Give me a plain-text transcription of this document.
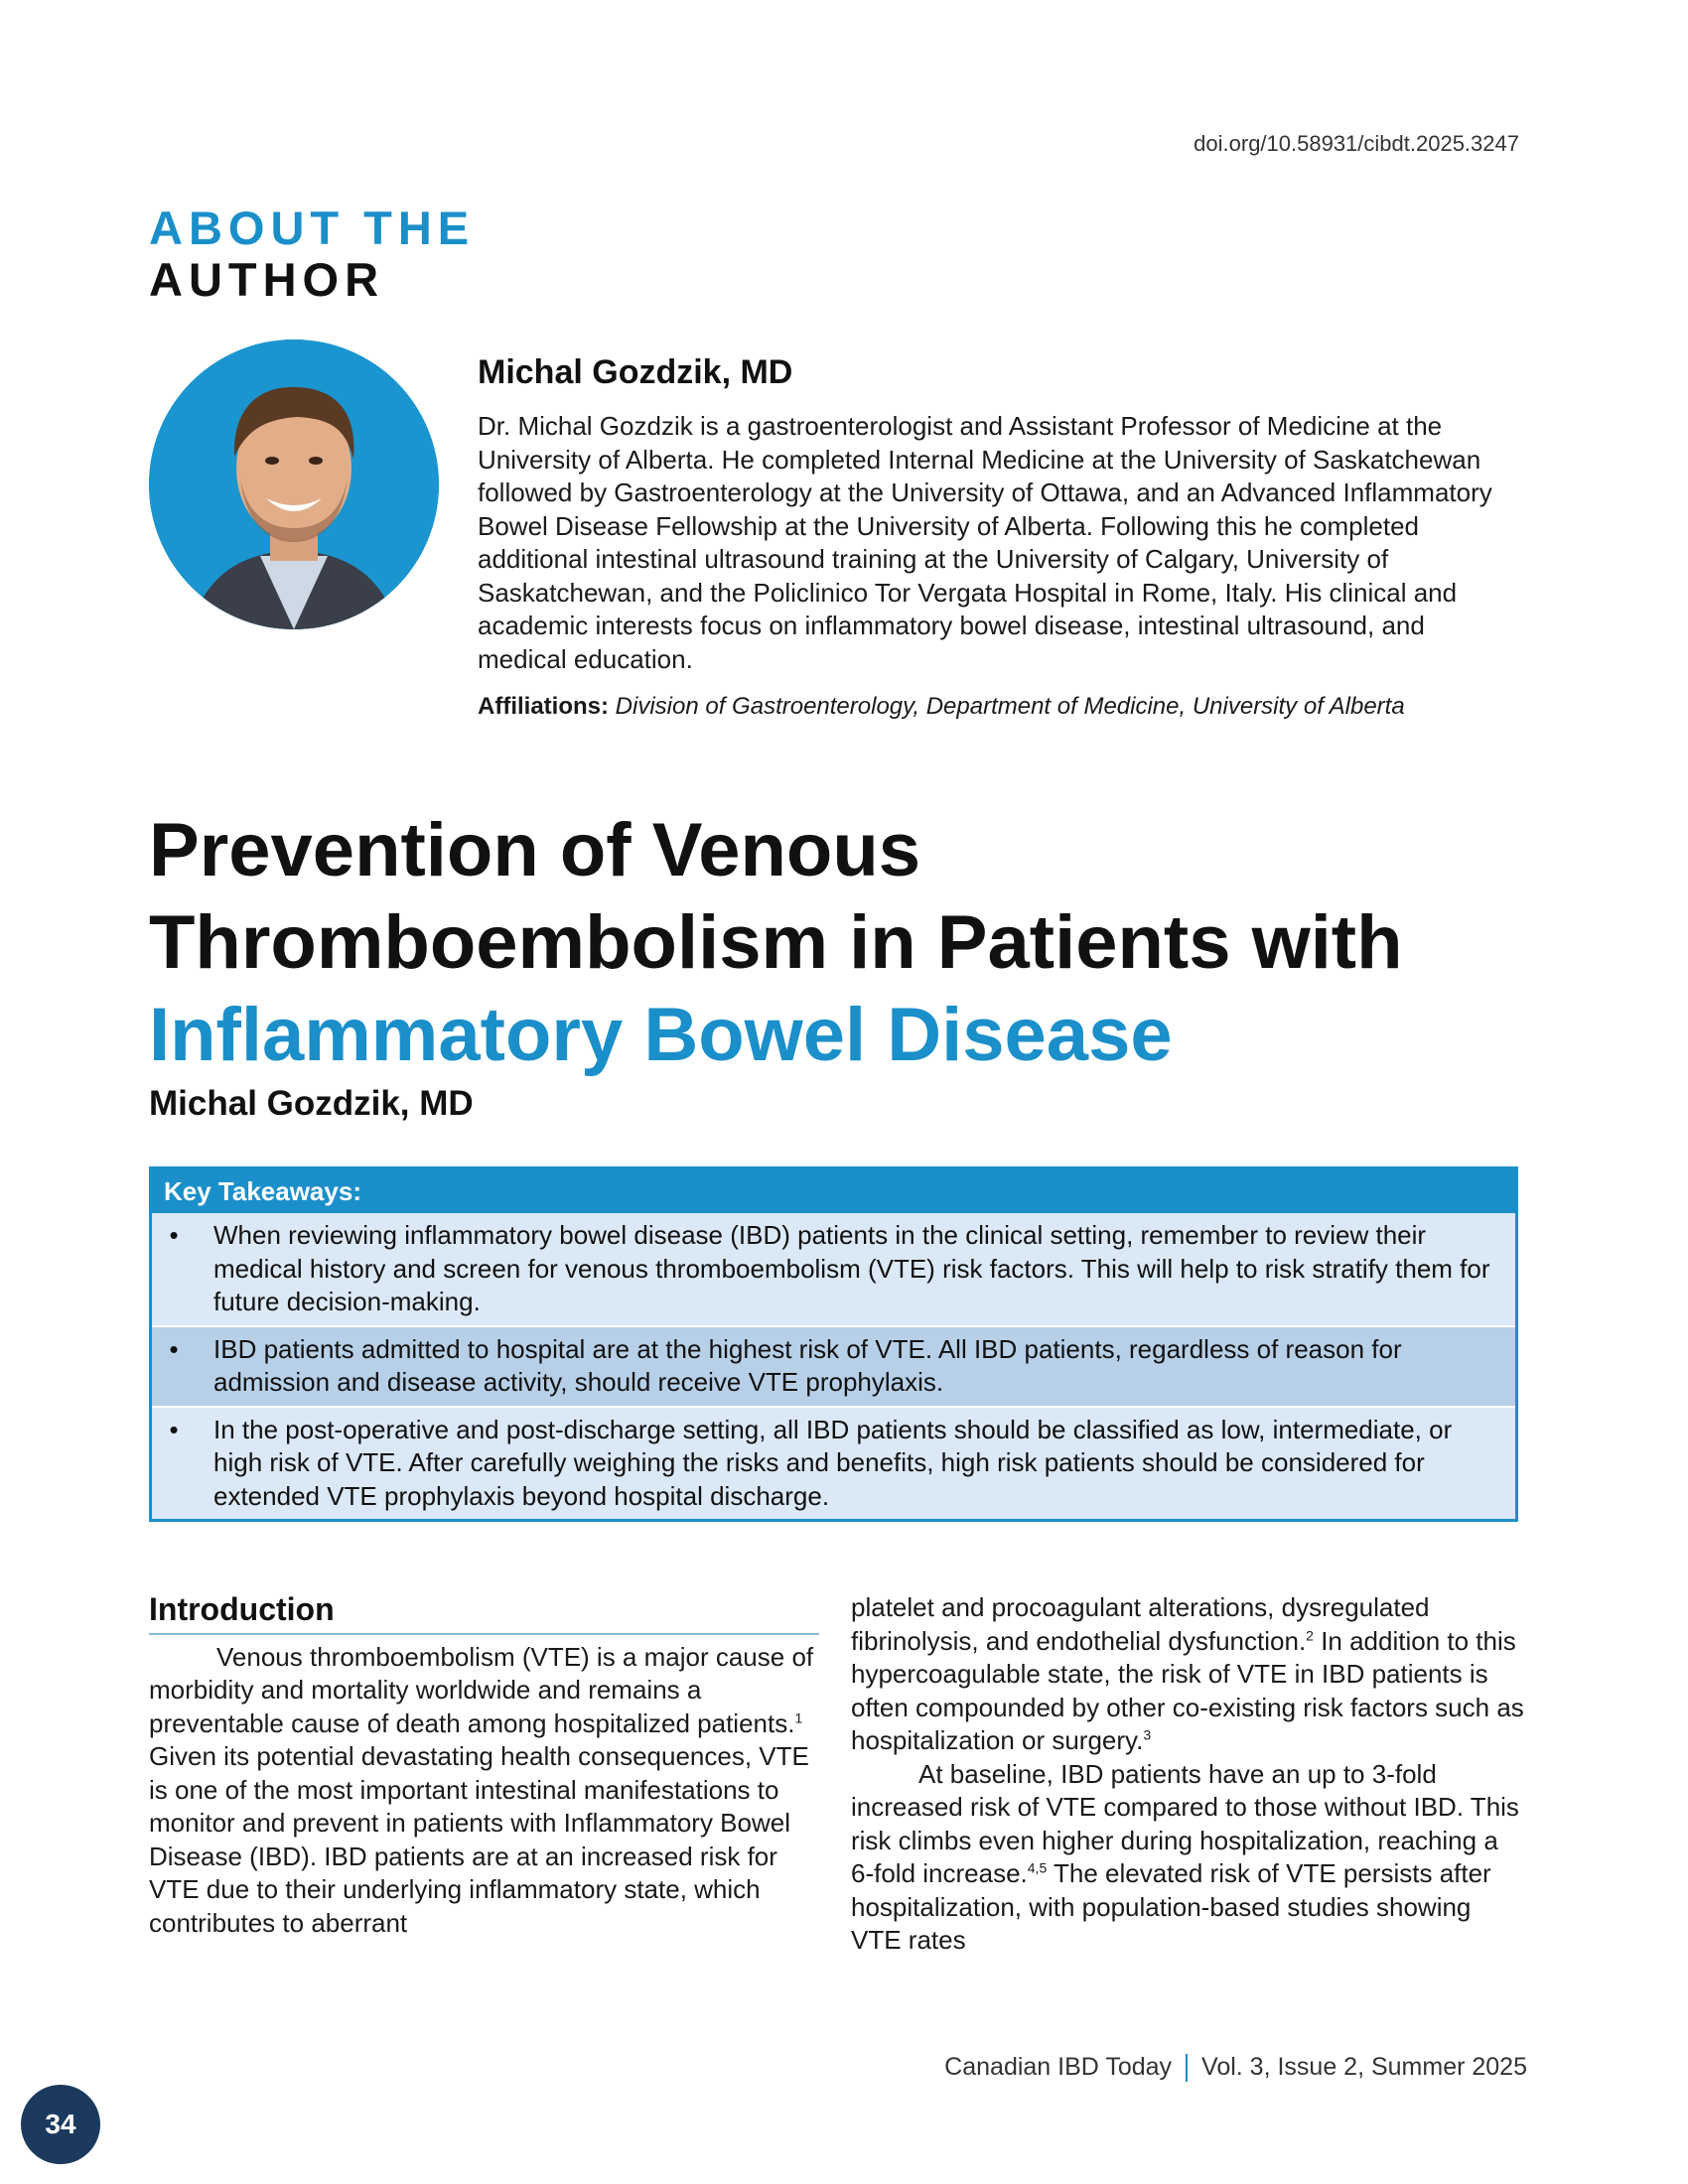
doi.org/10.58931/cibdt.2025.3247
ABOUT THE
AUTHOR

Michal Gozdzik, MD

Dr. Michal Gozdzik is a gastroenterologist and Assistant Professor of Medicine at the University of Alberta. He completed Internal Medicine at the University of Saskatchewan followed by Gastroenterology at the University of Ottawa, and an Advanced Inflammatory Bowel Disease Fellowship at the University of Alberta. Following this he completed additional intestinal ultrasound training at the University of Calgary, University of Saskatchewan, and the Policlinico Tor Vergata Hospital in Rome, Italy. His clinical and academic interests focus on inflammatory bowel disease, intestinal ultrasound, and medical education.

Affiliations: Division of Gastroenterology, Department of Medicine, University of Alberta

Prevention of Venous
Thromboembolism in Patients with
Inflammatory Bowel Disease
Michal Gozdzik, MD
Key Takeaways:
• When reviewing inflammatory bowel disease (IBD) patients in the clinical setting, remember to review their medical history and screen for venous thromboembolism (VTE) risk factors. This will help to risk stratify them for future decision-making.
• IBD patients admitted to hospital are at the highest risk of VTE. All IBD patients, regardless of reason for admission and disease activity, should receive VTE prophylaxis.
• In the post-operative and post-discharge setting, all IBD patients should be classified as low, intermediate, or high risk of VTE. After carefully weighing the risks and benefits, high risk patients should be considered for extended VTE prophylaxis beyond hospital discharge.
Introduction

Venous thromboembolism (VTE) is a major cause of morbidity and mortality worldwide and remains a preventable cause of death among hospitalized patients.$^1$ Given its potential devastating health consequences, VTE is one of the most important intestinal manifestations to monitor and prevent in patients with Inflammatory Bowel Disease (IBD). IBD patients are at an increased risk for VTE due to their underlying inflammatory state, which contributes to aberrant

platelet and procoagulant alterations, dysregulated fibrinolysis, and endothelial dysfunction.$^2$ In addition to this hypercoagulable state, the risk of VTE in IBD patients is often compounded by other co-existing risk factors such as hospitalization or surgery.$^3$

At baseline, IBD patients have an up to 3-fold increased risk of VTE compared to those without IBD. This risk climbs even higher during hospitalization, reaching a 6-fold increase.$^{4,5}$ The elevated risk of VTE persists after hospitalization, with population-based studies showing VTE rates

Canadian IBD Today Vol. 3, Issue 2, Summer 2025
34
